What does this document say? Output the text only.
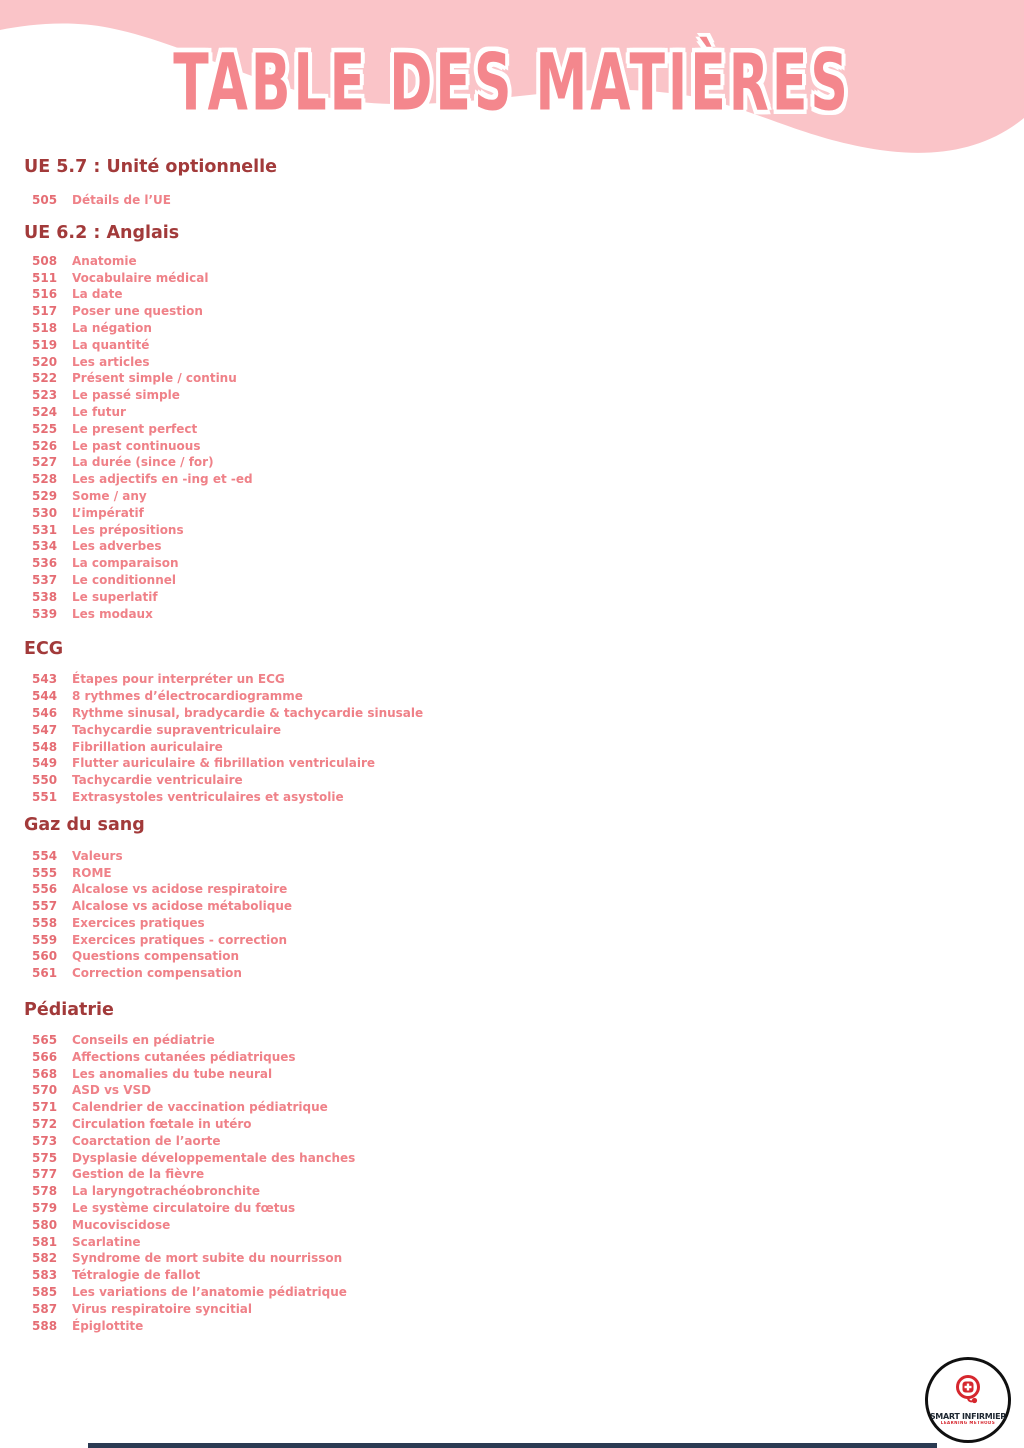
TABLE DES MATIÈRES
UE 5.7 : Unité optionnelle
505 Détails de l’UE
UE 6.2 : Anglais
508 Anatomie
511 Vocabulaire médical
516 La date
517 Poser une question
518 La négation
519 La quantité
520 Les articles
522 Présent simple / continu
523 Le passé simple
524 Le futur
525 Le present perfect
526 Le past continuous
527 La durée (since / for)
528 Les adjectifs en -ing et -ed
529 Some / any
530 L’impératif
531 Les prépositions
534 Les adverbes
536 La comparaison
537 Le conditionnel
538 Le superlatif
539 Les modaux
ECG
543 Étapes pour interpréter un ECG
544 8 rythmes d’électrocardiogramme
546 Rythme sinusal, bradycardie & tachycardie sinusale
547 Tachycardie supraventriculaire
548 Fibrillation auriculaire
549 Flutter auriculaire & fibrillation ventriculaire
550 Tachycardie ventriculaire
551 Extrasystoles ventriculaires et asystolie
Gaz du sang
554 Valeurs
555 ROME
556 Alcalose vs acidose respiratoire
557 Alcalose vs acidose métabolique
558 Exercices pratiques
559 Exercices pratiques - correction
560 Questions compensation
561 Correction compensation
Pédiatrie
565 Conseils en pédiatrie
566 Affections cutanées pédiatriques
568 Les anomalies du tube neural
570 ASD vs VSD
571 Calendrier de vaccination pédiatrique
572 Circulation fœtale in utéro
573 Coarctation de l’aorte
575 Dysplasie développementale des hanches
577 Gestion de la fièvre
578 La laryngotrachéobronchite
579 Le système circulatoire du fœtus
580 Mucoviscidose
581 Scarlatine
582 Syndrome de mort subite du nourrisson
583 Tétralogie de fallot
585 Les variations de l’anatomie pédiatrique
587 Virus respiratoire syncitial
588 Épiglottite
SMART INFIRMIER
LEARNING METHODS
